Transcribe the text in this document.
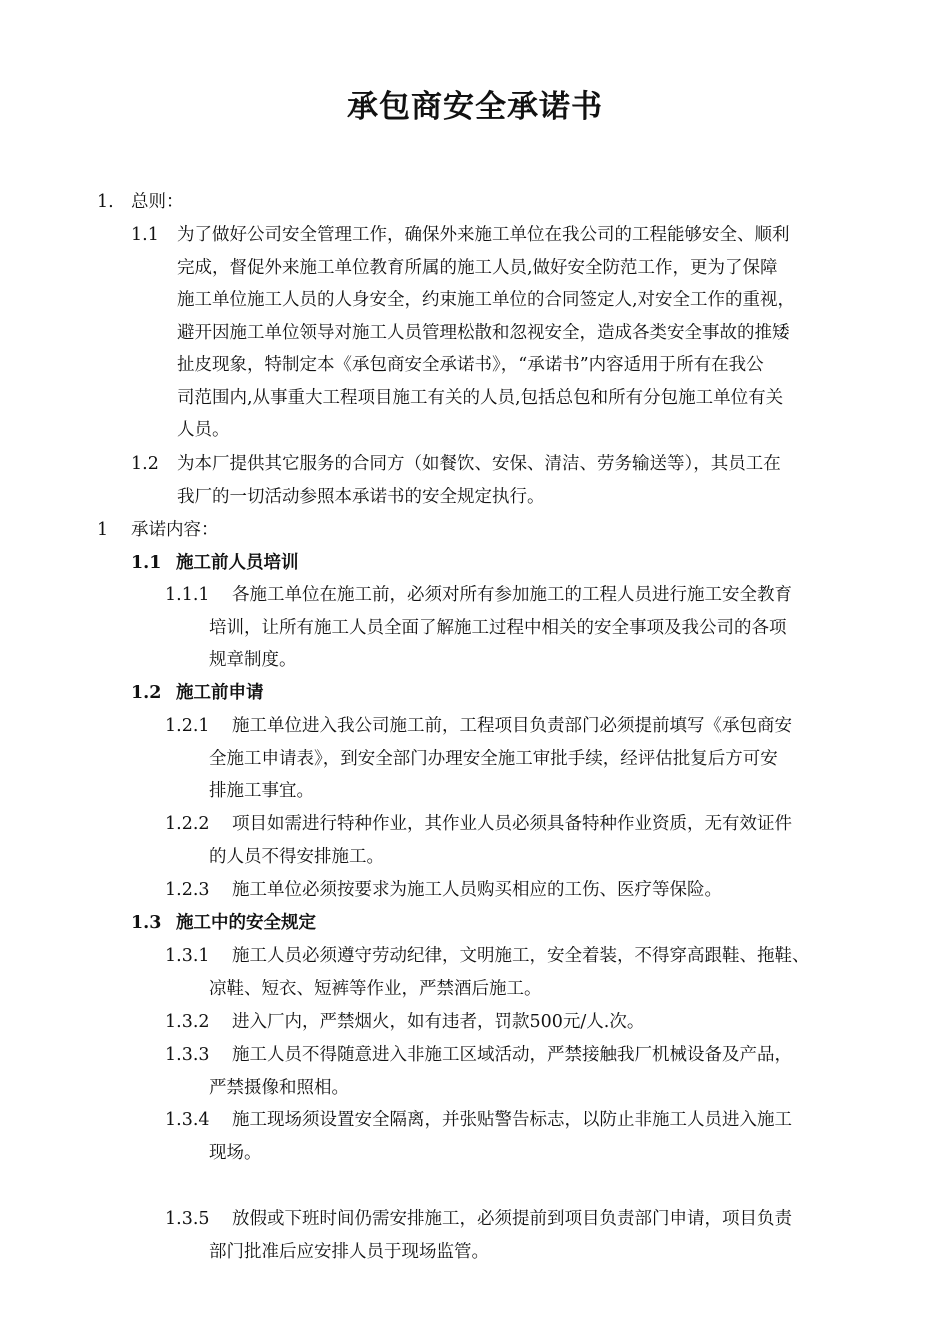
承包商安全承诺书
1. 总则：
1.1 为了做好公司安全管理工作，确保外来施工单位在我公司的工程能够安全、顺利
完成，督促外来施工单位教育所属的施工人员,做好安全防范工作，更为了保障
施工单位施工人员的人身安全，约束施工单位的合同签定人,对安全工作的重视，
避开因施工单位领导对施工人员管理松散和忽视安全，造成各类安全事故的推矮
扯皮现象，特制定本《承包商安全承诺书》，“承诺书”内容适用于所有在我公
司范围内,从事重大工程项目施工有关的人员,包括总包和所有分包施工单位有关
人员。
1.2 为本厂提供其它服务的合同方（如餐饮、安保、清洁、劳务输送等），其员工在
我厂的一切活动参照本承诺书的安全规定执行。
1 承诺内容：
1.1 施工前人员培训
1.1.1 各施工单位在施工前，必须对所有参加施工的工程人员进行施工安全教育
培训，让所有施工人员全面了解施工过程中相关的安全事项及我公司的各项
规章制度。
1.2 施工前申请
1.2.1 施工单位进入我公司施工前，工程项目负责部门必须提前填写《承包商安
全施工申请表》，到安全部门办理安全施工审批手续，经评估批复后方可安
排施工事宜。
1.2.2 项目如需进行特种作业，其作业人员必须具备特种作业资质，无有效证件
的人员不得安排施工。
1.2.3 施工单位必须按要求为施工人员购买相应的工伤、医疗等保险。
1.3 施工中的安全规定
1.3.1 施工人员必须遵守劳动纪律，文明施工，安全着装，不得穿高跟鞋、拖鞋、
凉鞋、短衣、短裤等作业，严禁酒后施工。
1.3.2 进入厂内，严禁烟火，如有违者，罚款500元/人.次。
1.3.3 施工人员不得随意进入非施工区域活动，严禁接触我厂机械设备及产品，
严禁摄像和照相。
1.3.4 施工现场须设置安全隔离，并张贴警告标志，以防止非施工人员进入施工
现场。
1.3.5 放假或下班时间仍需安排施工，必须提前到项目负责部门申请，项目负责
部门批准后应安排人员于现场监管。
